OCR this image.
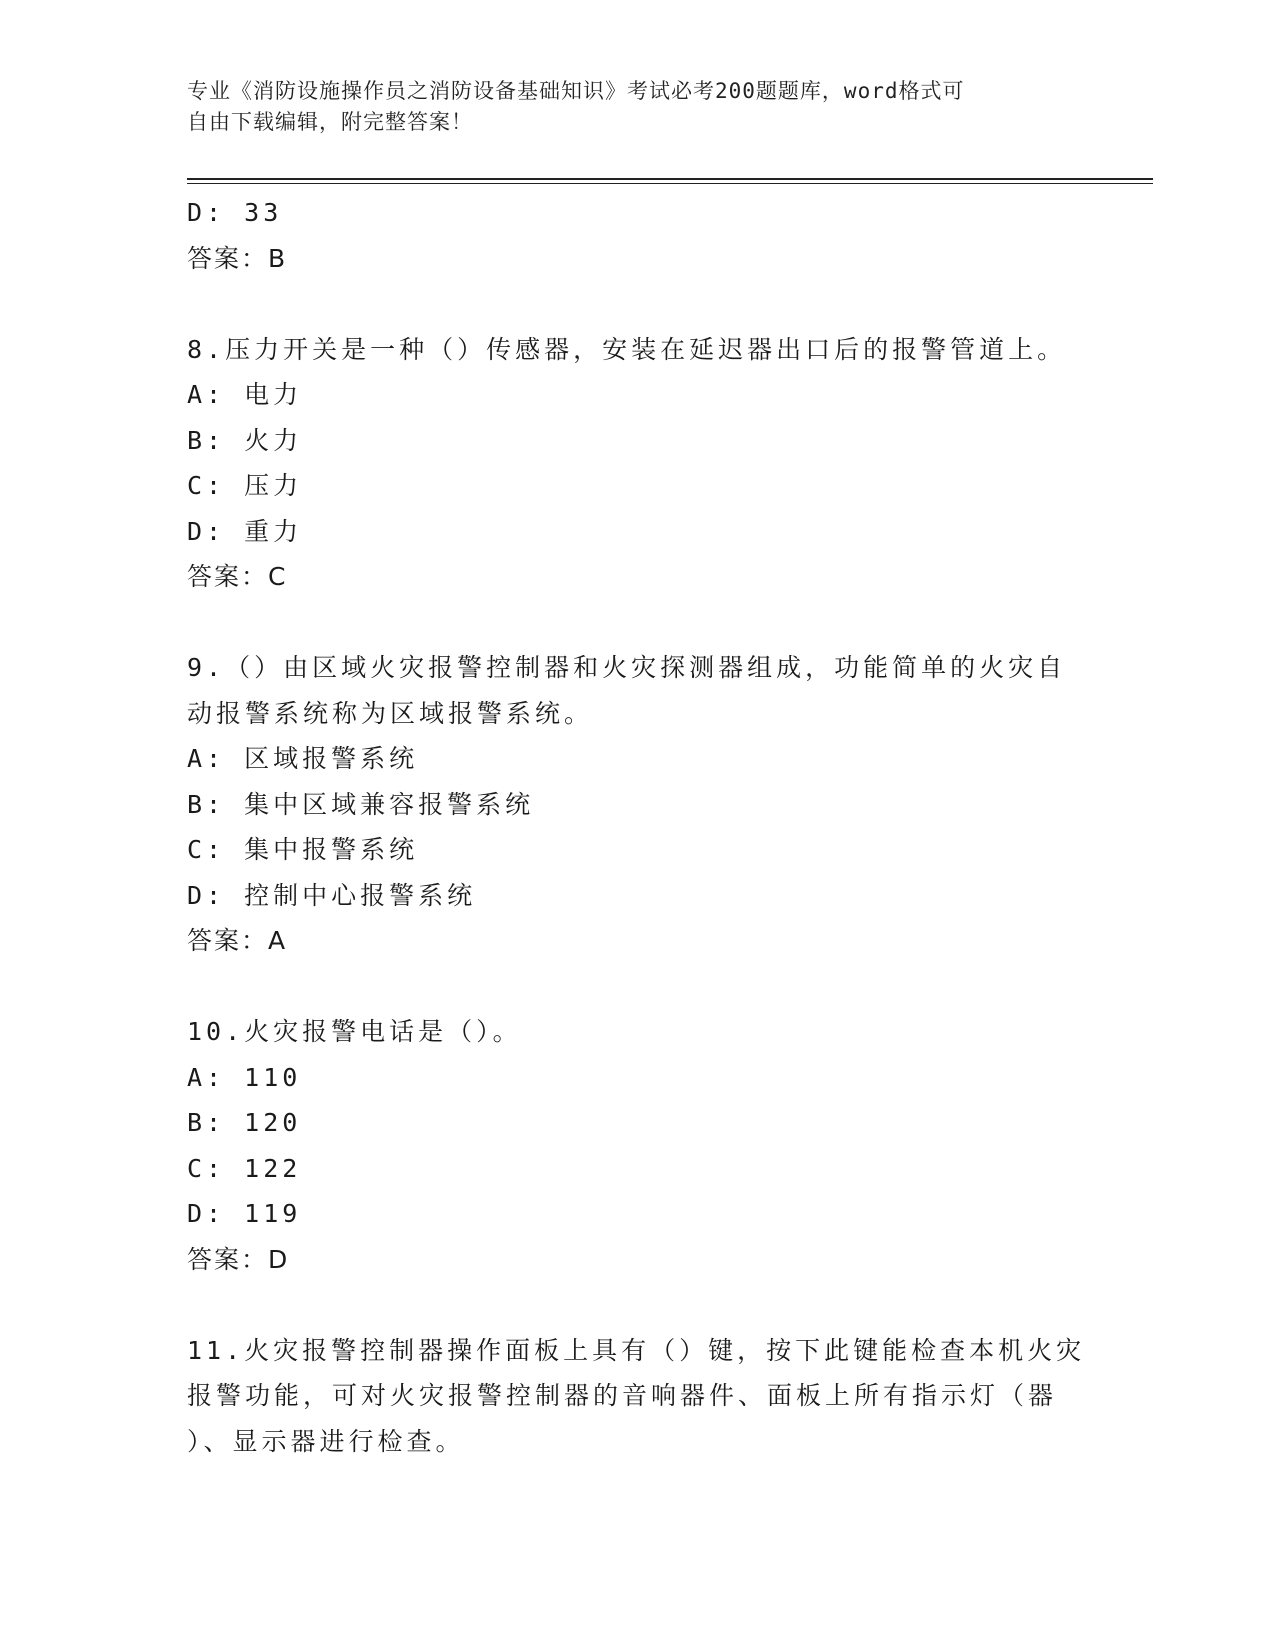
专业《消防设施操作员之消防设备基础知识》考试必考200题题库，word格式可
自由下载编辑，附完整答案！
D: 33
答案：B
8.压力开关是一种（）传感器，安装在延迟器出口后的报警管道上。
A: 电力
B: 火力
C: 压力
D: 重力
答案：C
9.（）由区域火灾报警控制器和火灾探测器组成，功能简单的火灾自
动报警系统称为区域报警系统。
A: 区域报警系统
B: 集中区域兼容报警系统
C: 集中报警系统
D: 控制中心报警系统
答案：A
10.火灾报警电话是（）。
A: 110
B: 120
C: 122
D: 119
答案：D
11.火灾报警控制器操作面板上具有（）键，按下此键能检查本机火灾
报警功能，可对火灾报警控制器的音响器件、面板上所有指示灯（器
）、显示器进行检查。
